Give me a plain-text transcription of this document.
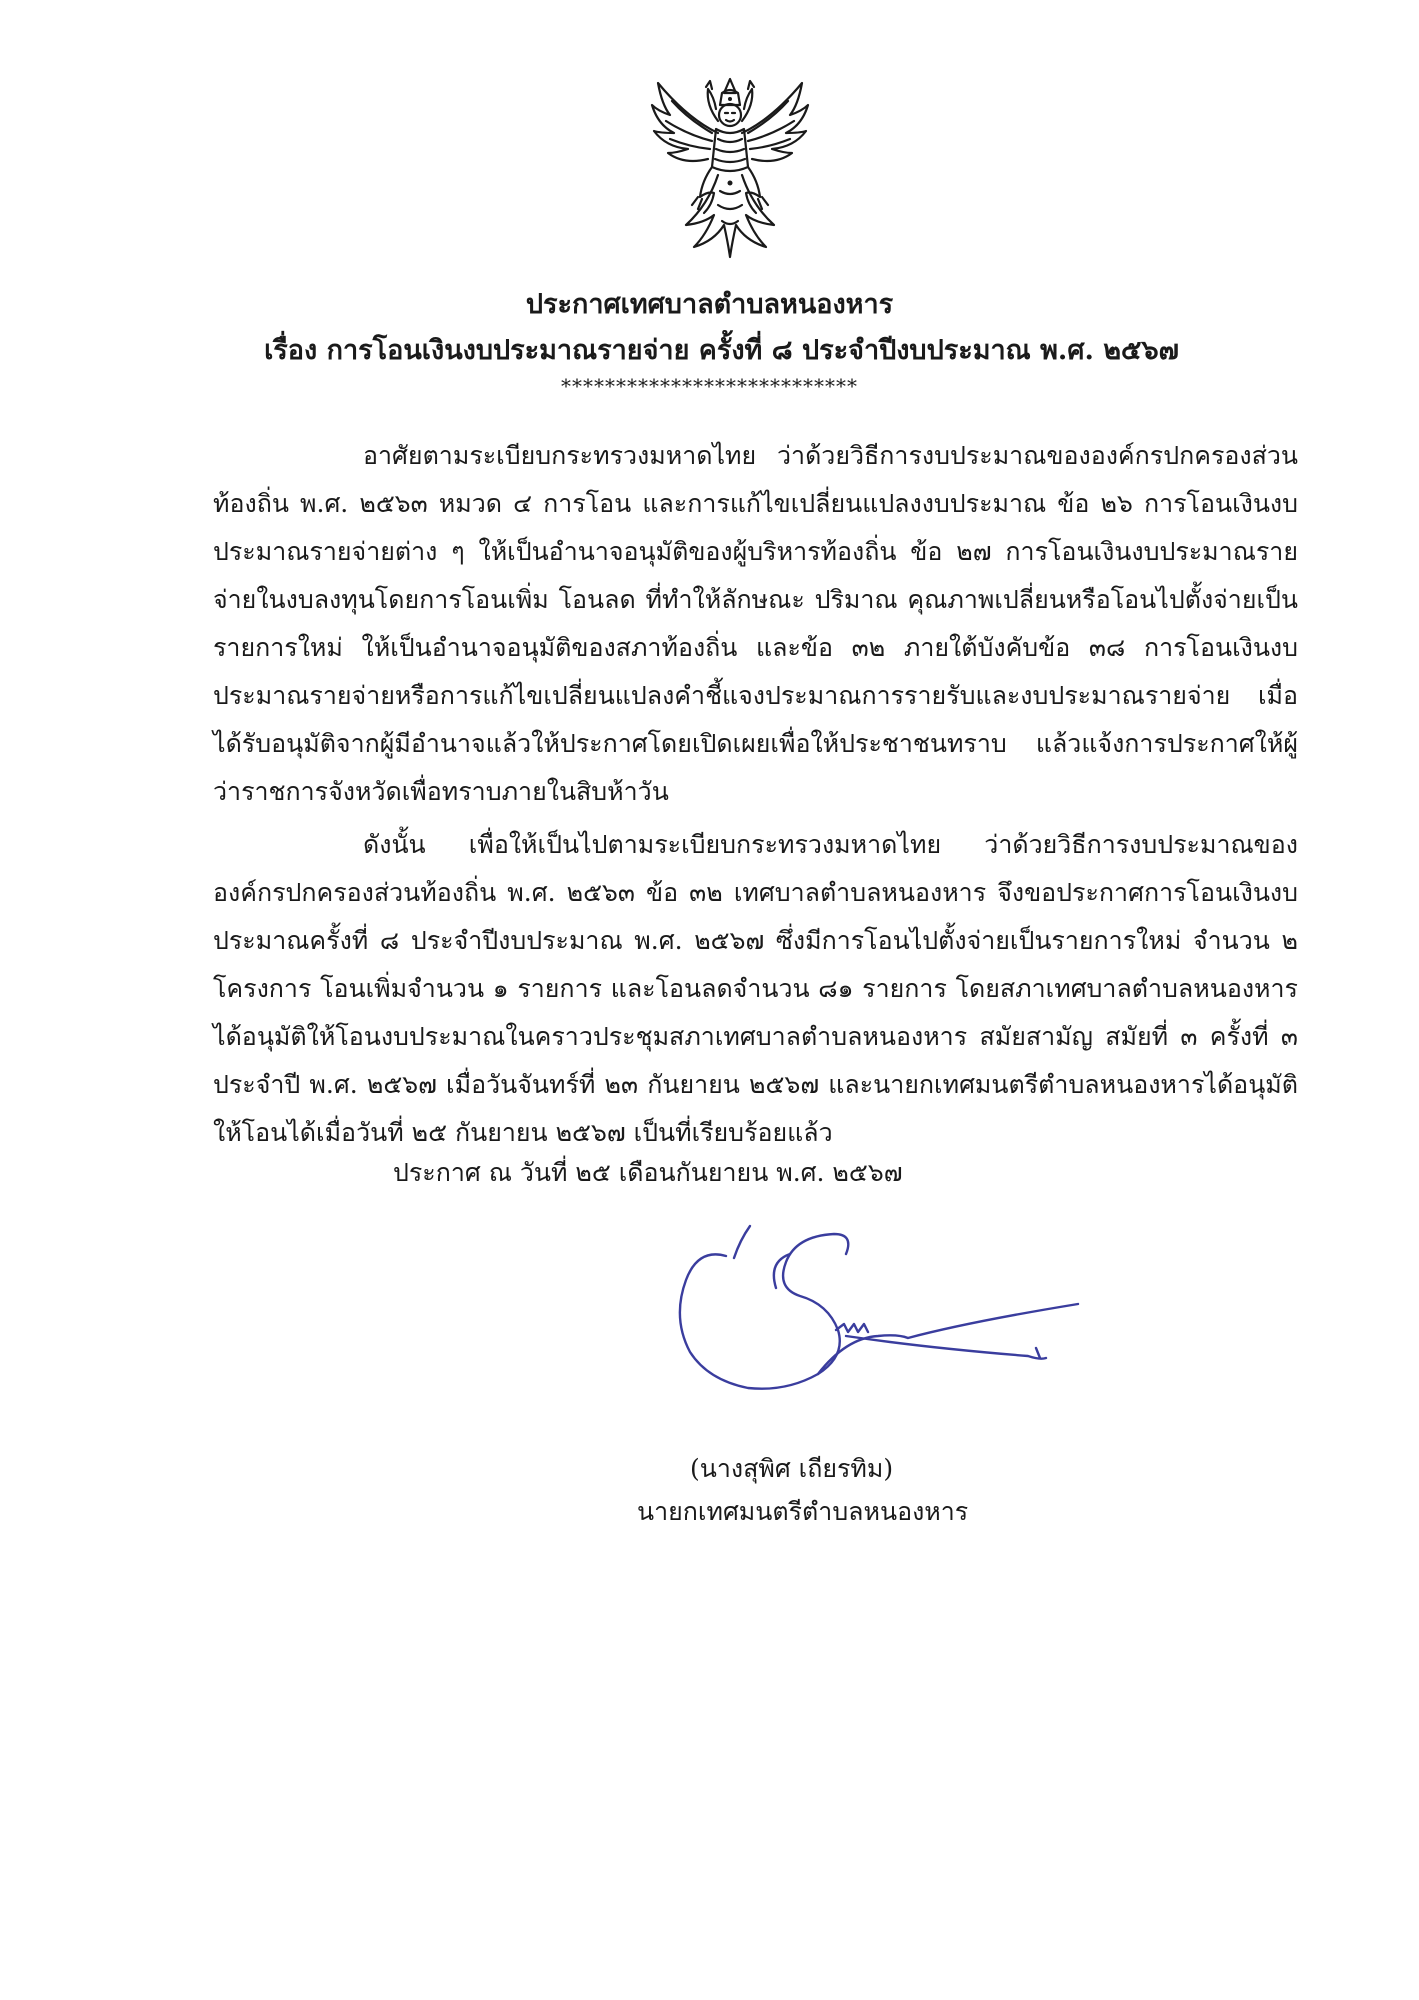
ประกาศเทศบาลตำบลหนองหาร
เรื่อง การโอนเงินงบประมาณรายจ่าย ครั้งที่ ๘ ประจำปีงบประมาณ พ.ศ. ๒๕๖๗
***************************

อาศัยตามระเบียบกระทรวงมหาดไทย ว่าด้วยวิธีการงบประมาณขององค์กรปกครองส่วนท้องถิ่น พ.ศ. ๒๕๖๓ หมวด ๔ การโอน และการแก้ไขเปลี่ยนแปลงงบประมาณ ข้อ ๒๖ การโอนเงินงบประมาณรายจ่ายต่าง ๆ ให้เป็นอำนาจอนุมัติของผู้บริหารท้องถิ่น ข้อ ๒๗ การโอนเงินงบประมาณรายจ่ายในงบลงทุนโดยการโอนเพิ่ม โอนลด ที่ทำให้ลักษณะ ปริมาณ คุณภาพเปลี่ยนหรือโอนไปตั้งจ่ายเป็นรายการใหม่ ให้เป็นอำนาจอนุมัติของสภาท้องถิ่น และข้อ ๓๒ ภายใต้บังคับข้อ ๓๘ การโอนเงินงบประมาณรายจ่ายหรือการแก้ไขเปลี่ยนแปลงคำชี้แจงประมาณการรายรับและงบประมาณรายจ่าย เมื่อได้รับอนุมัติจากผู้มีอำนาจแล้วให้ประกาศโดยเปิดเผยเพื่อให้ประชาชนทราบ แล้วแจ้งการประกาศให้ผู้ว่าราชการจังหวัดเพื่อทราบภายในสิบห้าวัน

ดังนั้น เพื่อให้เป็นไปตามระเบียบกระทรวงมหาดไทย ว่าด้วยวิธีการงบประมาณขององค์กรปกครองส่วนท้องถิ่น พ.ศ. ๒๕๖๓ ข้อ ๓๒ เทศบาลตำบลหนองหาร จึงขอประกาศการโอนเงินงบประมาณครั้งที่ ๘ ประจำปีงบประมาณ พ.ศ. ๒๕๖๗ ซึ่งมีการโอนไปตั้งจ่ายเป็นรายการใหม่ จำนวน ๒ โครงการ โอนเพิ่มจำนวน ๑ รายการ และโอนลดจำนวน ๘๑ รายการ โดยสภาเทศบาลตำบลหนองหาร ได้อนุมัติให้โอนงบประมาณในคราวประชุมสภาเทศบาลตำบลหนองหาร สมัยสามัญ สมัยที่ ๓ ครั้งที่ ๓ ประจำปี พ.ศ. ๒๕๖๗ เมื่อวันจันทร์ที่ ๒๓ กันยายน ๒๕๖๗ และนายกเทศมนตรีตำบลหนองหารได้อนุมัติให้โอนได้เมื่อวันที่ ๒๕ กันยายน ๒๕๖๗ เป็นที่เรียบร้อยแล้ว

ประกาศ ณ วันที่ ๒๕ เดือนกันยายน พ.ศ. ๒๕๖๗
(นางสุพิศ เถียรทิม)
นายกเทศมนตรีตำบลหนองหาร
